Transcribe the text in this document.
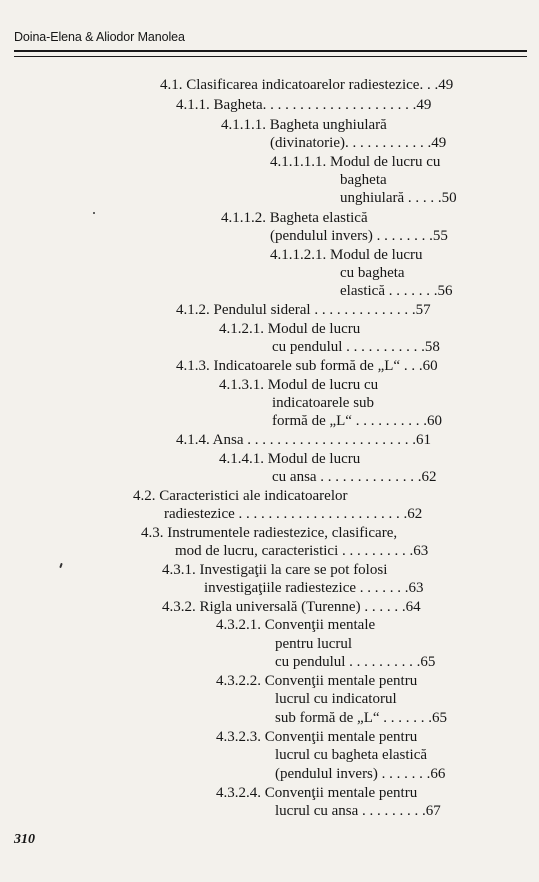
Doina-Elena & Aliodor Manolea
4.1. Clasificarea indicatoarelor radiestezice. . .49
4.1.1. Bagheta. . . . . . . . . . . . . . . . . . . . .49
4.1.1.1. Bagheta unghiulară
(divinatorie). . . . . . . . . . . .49
4.1.1.1.1. Modul de lucru cu
bagheta
unghiulară . . . . .50
4.1.1.2. Bagheta elastică
(pendulul invers) . . . . . . . .55
4.1.1.2.1. Modul de lucru
cu bagheta
elastică . . . . . . .56
4.1.2. Pendulul sideral . . . . . . . . . . . . . .57
4.1.2.1. Modul de lucru
cu pendulul . . . . . . . . . . .58
4.1.3. Indicatoarele sub formă de „L“ . . .60
4.1.3.1. Modul de lucru cu
indicatoarele sub
formă de „L“ . . . . . . . . . .60
4.1.4. Ansa . . . . . . . . . . . . . . . . . . . . . . .61
4.1.4.1. Modul de lucru
cu ansa . . . . . . . . . . . . . .62
4.2. Caracteristici ale indicatoarelor
radiestezice . . . . . . . . . . . . . . . . . . . . . . .62
4.3. Instrumentele radiestezice, clasificare,
mod de lucru, caracteristici . . . . . . . . . .63
4.3.1. Investigaţii la care se pot folosi
investigaţiile radiestezice . . . . . . .63
4.3.2. Rigla universală (Turenne) . . . . . .64
4.3.2.1. Convenţii mentale
pentru lucrul
cu pendulul . . . . . . . . . .65
4.3.2.2. Convenţii mentale pentru
lucrul cu indicatorul
sub formă de „L“ . . . . . . .65
4.3.2.3. Convenţii mentale pentru
lucrul cu bagheta elastică
(pendulul invers) . . . . . . .66
4.3.2.4. Convenţii mentale pentru
lucrul cu ansa . . . . . . . . .67
310
